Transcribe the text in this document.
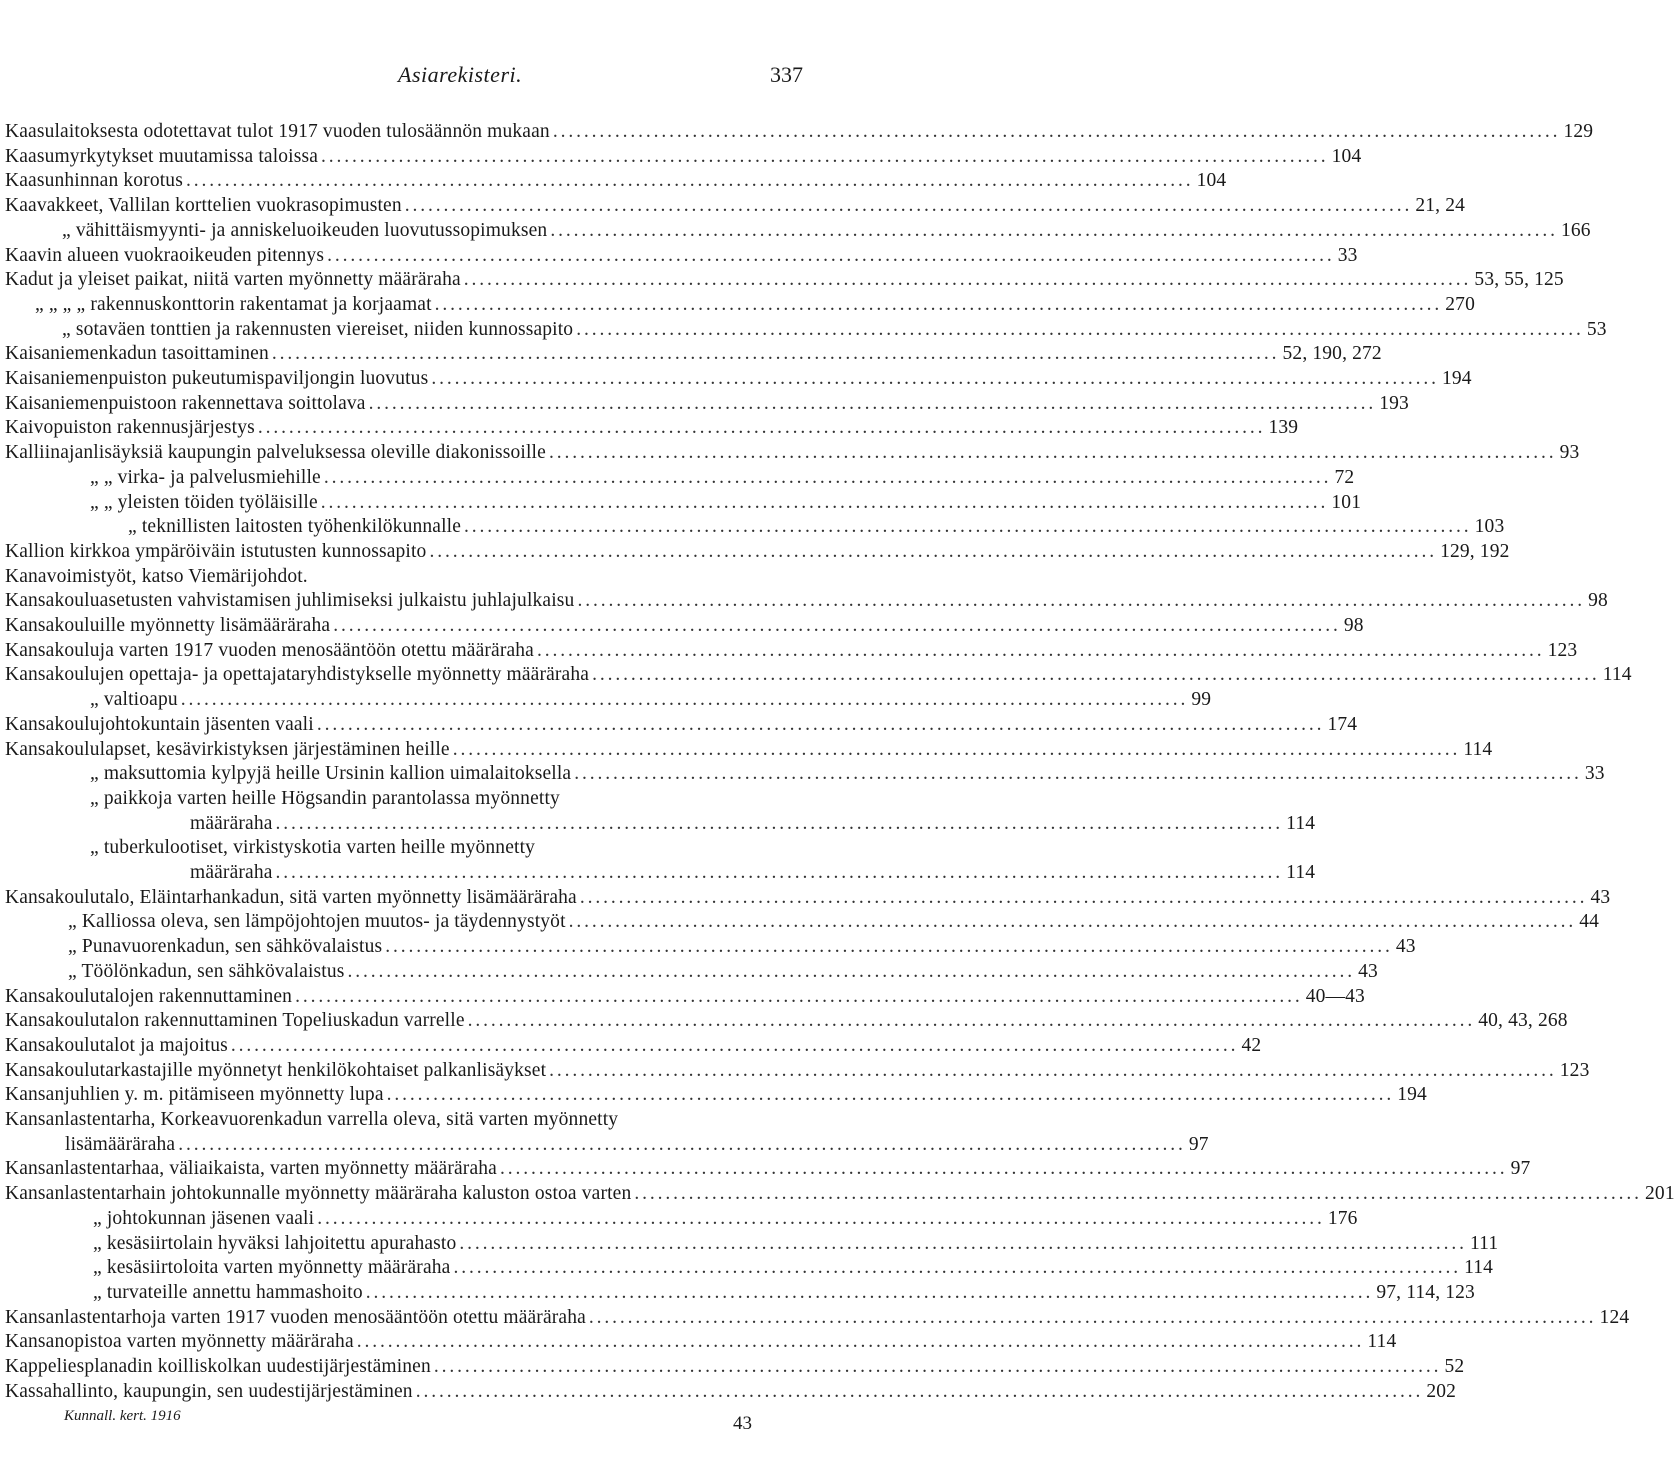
Asiarekisteri.	337
Kaasulaitoksesta odotettavat tulot 1917 vuoden tulosäännön mukaan . . .	129
Kaasumyrkytykset muutamissa taloissa . . .	104
Kaasunhinnan korotus . . .	104
Kaavakkeet, Vallilan korttelien vuokrasopimusten . . .	21, 24
„ vähittäismyynti- ja anniskeluoikeuden luovutussopimuksen . . .	166
Kaavin alueen vuokraoikeuden pitennys . . .	33
Kadut ja yleiset paikat, niitä varten myönnetty määräraha . . .	53, 55, 125
„ „ „ „ rakennuskonttorin rakentamat ja korjaamat . . .	270
„ sotaväen tonttien ja rakennusten viereiset, niiden kunnossapito . . .	53
Kaisaniemenkadun tasoittaminen . . .	52, 190, 272
Kaisaniemenpuiston pukeutumispaviljongin luovutus . . .	194
Kaisaniemenpuistoon rakennettava soittolava . . .	193
Kaivopuiston rakennusjärjestys . . .	139
Kalliinajanlisäyksiä kaupungin palveluksessa oleville diakonissoille . . .	93
„ „ virka- ja palvelusmiehille . . .	72
„ „ yleisten töiden työläisille . . .	101
„ teknillisten laitosten työhenkilökunnalle . . .	103
Kallion kirkkoa ympäröiväin istutusten kunnossapito . . .	129, 192
Kanavoimistyöt, katso Viemärijohdot.
Kansakouluasetusten vahvistamisen juhlimiseksi julkaistu juhlajulkaisu . . .	98
Kansakouluille myönnetty lisämääräraha . . .	98
Kansakouluja varten 1917 vuoden menosääntöön otettu määräraha . . .	123
Kansakoulujen opettaja- ja opettajataryhdistykselle myönnetty määräraha . . .	114
„ valtioapu . . .	99
Kansakoulujohtokuntain jäsenten vaali . . .	174
Kansakoululapset, kesävirkistyksen järjestäminen heille . . .	114
„ maksuttomia kylpyjä heille Ursinin kallion uimalaitoksella . . .	33
„ paikkoja varten heille Högsandin parantolassa myönnetty
määräraha . . .	114
„ tuberkulootiset, virkistyskotia varten heille myönnetty
määräraha . . .	114
Kansakoulutalo, Eläintarhankadun, sitä varten myönnetty lisämääräraha . . .	43
„ Kalliossa oleva, sen lämpöjohtojen muutos- ja täydennystyöt . . .	44
„ Punavuorenkadun, sen sähkövalaistus . . .	43
„ Töölönkadun, sen sähkövalaistus . . .	43
Kansakoulutalojen rakennuttaminen . . .	40—43
Kansakoulutalon rakennuttaminen Topeliuskadun varrelle . . .	40, 43, 268
Kansakoulutalot ja majoitus . . .	42
Kansakoulutarkastajille myönnetyt henkilökohtaiset palkanlisäykset . . .	123
Kansanjuhlien y. m. pitämiseen myönnetty lupa . . .	194
Kansanlastentarha, Korkeavuorenkadun varrella oleva, sitä varten myönnetty
lisämääräraha . . .	97
Kansanlastentarhaa, väliaikaista, varten myönnetty määräraha . . .	97
Kansanlastentarhain johtokunnalle myönnetty määräraha kaluston ostoa varten . . .	201
„ johtokunnan jäsenen vaali . . .	176
„ kesäsiirtolain hyväksi lahjoitettu apurahasto . . .	111
„ kesäsiirtoloita varten myönnetty määräraha . . .	114
„ turvateille annettu hammashoito . . .	97, 114, 123
Kansanlastentarhoja varten 1917 vuoden menosääntöön otettu määräraha . . .	124
Kansanopistoa varten myönnetty määräraha . . .	114
Kappeliesplanadin koilliskolkan uudestijärjestäminen . . .	52
Kassahallinto, kaupungin, sen uudestijärjestäminen . . .	202
Kunnall. kert. 1916	43
